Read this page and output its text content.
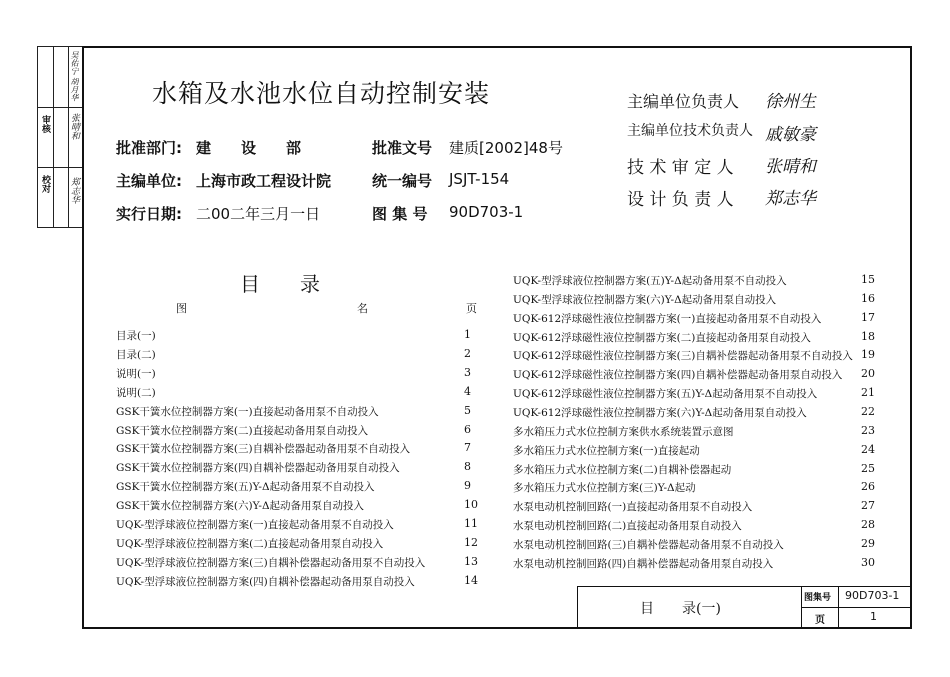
审核
校对
吴佑宁 胡月华
张晴和
郑志华
水箱及水池水位自动控制安装
批准部门: 建　　设　　部	批准文号 建质[2002]48号
主编单位: 上海市政工程设计院	统一编号 JSJT-154
实行日期: 二00二年三月一日	图 集 号 90D703-1
主编单位负责人 徐州生
主编单位技术负责人 戚敏豪
技 术 审 定 人 张晴和
设 计 负 责 人 郑志华
目　　录
图	名	页
目录(一)	1
目录(二)	2
说明(一)	3
说明(二)	4
GSK干簧水位控制器方案(一)直接起动备用泵不自动投入	5
GSK干簧水位控制器方案(二)直接起动备用泵自动投入	6
GSK干簧水位控制器方案(三)自耦补偿器起动备用泵不自动投入	7
GSK干簧水位控制器方案(四)自耦补偿器起动备用泵自动投入	8
GSK干簧水位控制器方案(五)Y-Δ起动备用泵不自动投入	9
GSK干簧水位控制器方案(六)Y-Δ起动备用泵自动投入	10
UQK-型浮球液位控制器方案(一)直接起动备用泵不自动投入	11
UQK-型浮球液位控制器方案(二)直接起动备用泵自动投入	12
UQK-型浮球液位控制器方案(三)自耦补偿器起动备用泵不自动投入	13
UQK-型浮球液位控制器方案(四)自耦补偿器起动备用泵自动投入	14
UQK-型浮球液位控制器方案(五)Y-Δ起动备用泵不自动投入	15
UQK-型浮球液位控制器方案(六)Y-Δ起动备用泵自动投入	16
UQK-612浮球磁性液位控制器方案(一)直接起动备用泵不自动投入	17
UQK-612浮球磁性液位控制器方案(二)直接起动备用泵自动投入	18
UQK-612浮球磁性液位控制器方案(三)自耦补偿器起动备用泵不自动投入 19
UQK-612浮球磁性液位控制器方案(四)自耦补偿器起动备用泵自动投入 20
UQK-612浮球磁性液位控制器方案(五)Y-Δ起动备用泵不自动投入	21
UQK-612浮球磁性液位控制器方案(六)Y-Δ起动备用泵自动投入	22
多水箱压力式水位控制方案供水系统装置示意图	23
多水箱压力式水位控制方案(一)直接起动	24
多水箱压力式水位控制方案(二)自耦补偿器起动	25
多水箱压力式水位控制方案(三)Y-Δ起动	26
水泵电动机控制回路(一)直接起动备用泵不自动投入	27
水泵电动机控制回路(二)直接起动备用泵自动投入	28
水泵电动机控制回路(三)自耦补偿器起动备用泵不自动投入	29
水泵电动机控制回路(四)自耦补偿器起动备用泵自动投入	30
目　　录(一)
图集号 90D703-1
页	1
